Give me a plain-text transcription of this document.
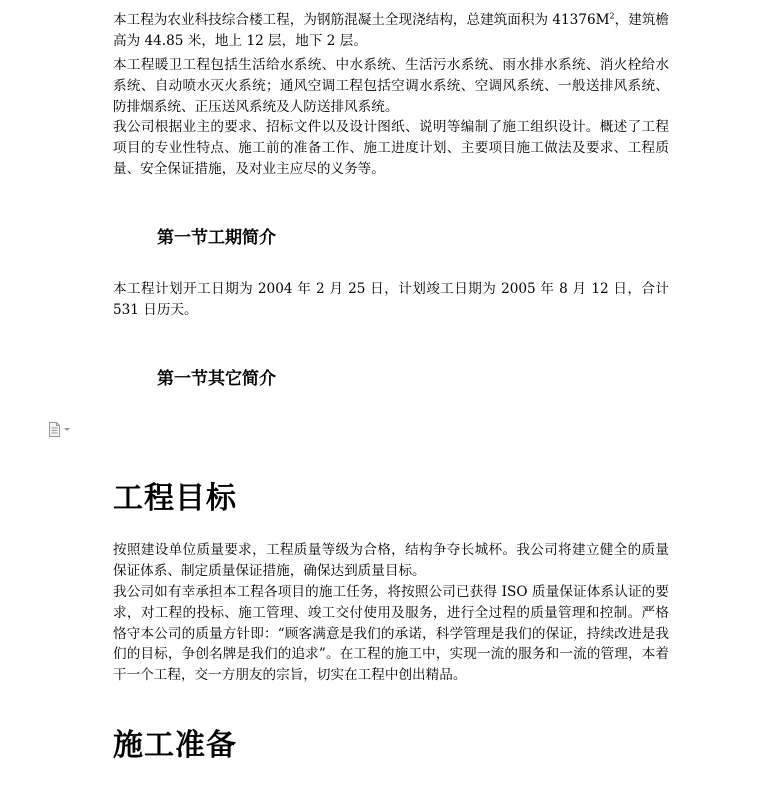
本工程为农业科技综合楼工程，为钢筋混凝土全现浇结构，总建筑面积为 $41376M^2$，建筑檐高为 44.85 米，地上 12 层，地下 2 层。

本工程暖卫工程包括生活给水系统、中水系统、生活污水系统、雨水排水系统、消火栓给水系统、自动喷水灭火系统；通风空调工程包括空调水系统、空调风系统、一般送排风系统、防排烟系统、正压送风系统及人防送排风系统。

我公司根据业主的要求、招标文件以及设计图纸、说明等编制了施工组织设计。概述了工程项目的专业性特点、施工前的准备工作、施工进度计划、主要项目施工做法及要求、工程质量、安全保证措施，及对业主应尽的义务等。

第一节工期简介

本工程计划开工日期为 2004 年 2 月 25 日，计划竣工日期为 2005 年 8 月 12 日，合计 531 日历天。

第一节其它简介
工程目标

按照建设单位质量要求，工程质量等级为合格，结构争夺长城杯。我公司将建立健全的质量保证体系、制定质量保证措施，确保达到质量目标。

我公司如有幸承担本工程各项目的施工任务，将按照公司已获得 ISO 质量保证体系认证的要求，对工程的投标、施工管理、竣工交付使用及服务，进行全过程的质量管理和控制。严格恪守本公司的质量方针即：“顾客满意是我们的承诺，科学管理是我们的保证，持续改进是我们的目标，争创名牌是我们的追求”。在工程的施工中，实现一流的服务和一流的管理，本着干一个工程，交一方朋友的宗旨，切实在工程中创出精品。

施工准备
